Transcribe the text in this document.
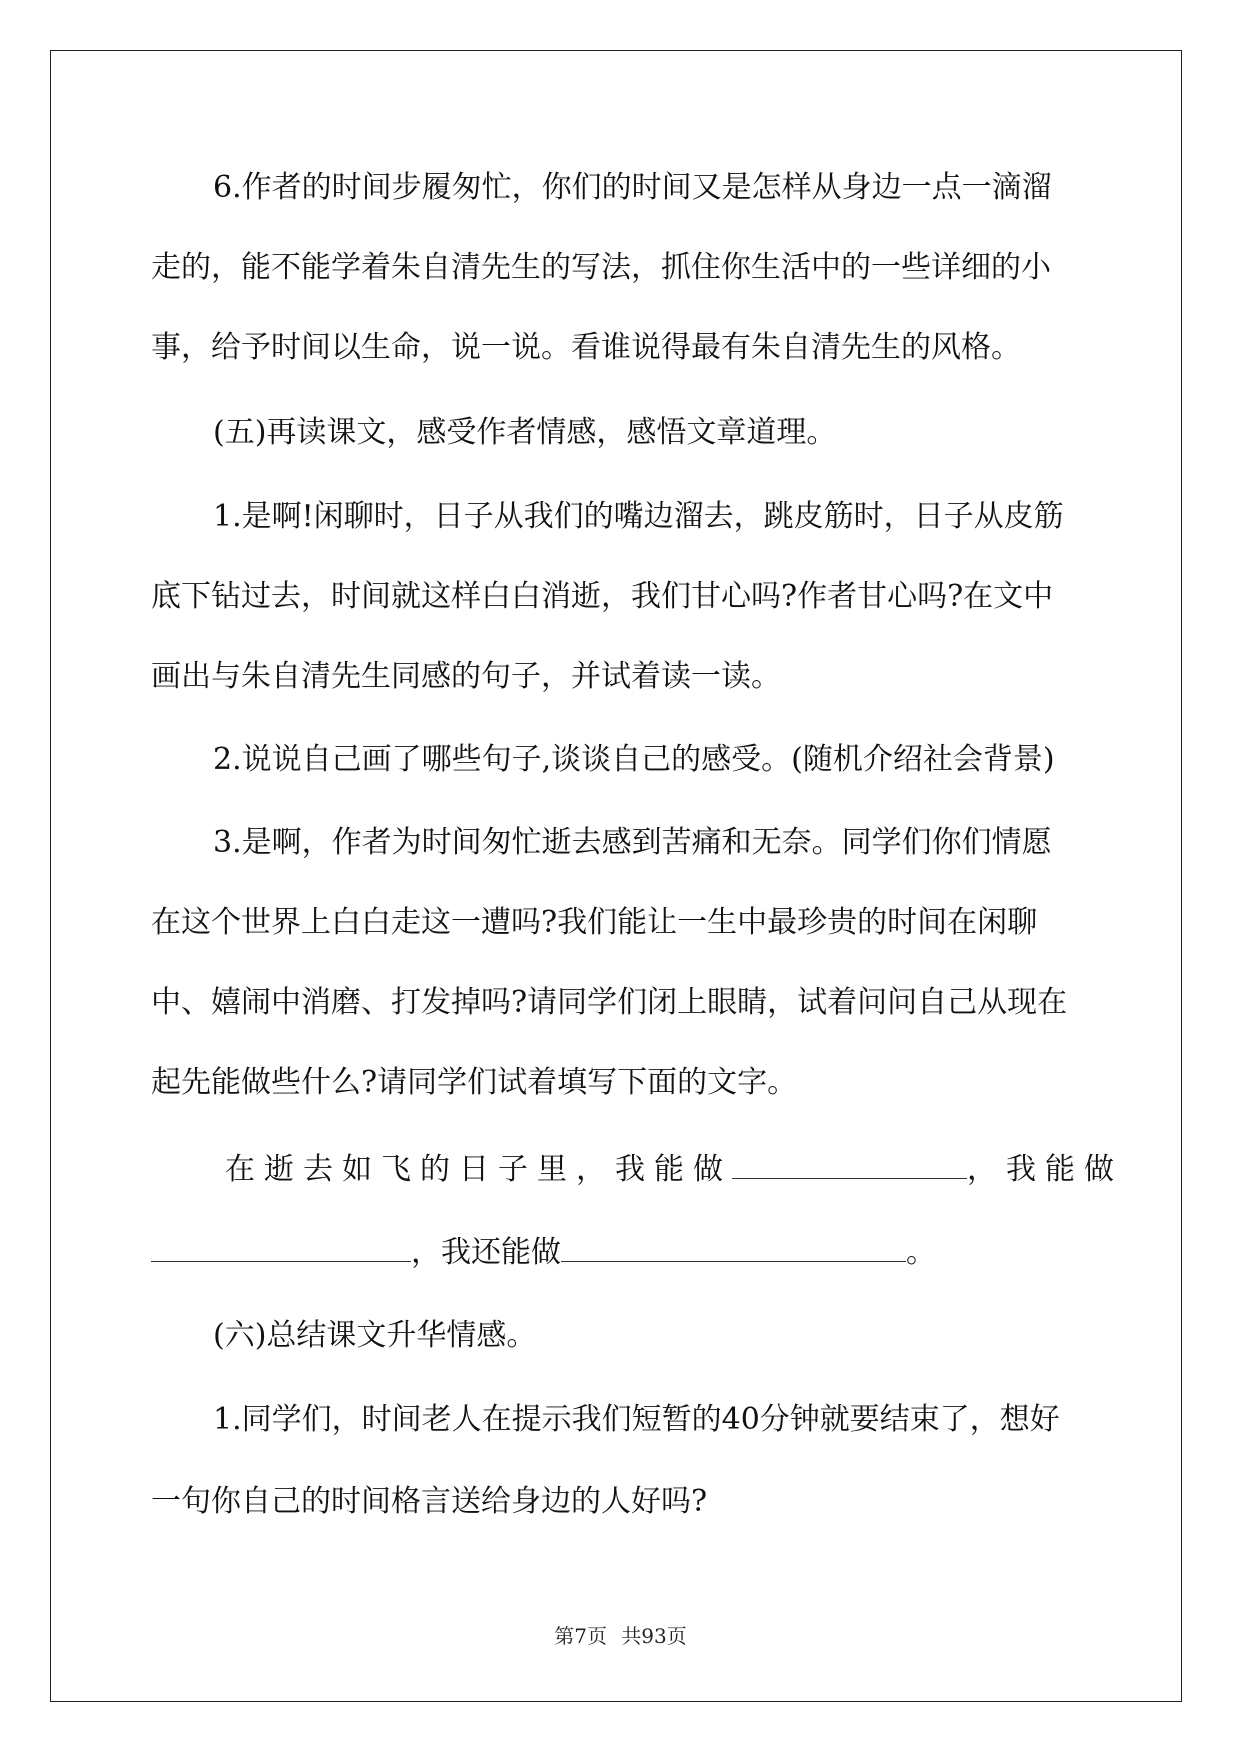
6.作者的时间步履匆忙，你们的时间又是怎样从身边一点一滴溜

走的，能不能学着朱自清先生的写法，抓住你生活中的一些详细的小

事，给予时间以生命，说一说。看谁说得最有朱自清先生的风格。

(五)再读课文，感受作者情感，感悟文章道理。

1.是啊!闲聊时，日子从我们的嘴边溜去，跳皮筋时，日子从皮筋

底下钻过去，时间就这样白白消逝，我们甘心吗?作者甘心吗?在文中

画出与朱自清先生同感的句子，并试着读一读。

2.说说自己画了哪些句子,谈谈自己的感受。(随机介绍社会背景)

3.是啊，作者为时间匆忙逝去感到苦痛和无奈。同学们你们情愿

在这个世界上白白走这一遭吗?我们能让一生中最珍贵的时间在闲聊

中、嬉闹中消磨、打发掉吗?请同学们闭上眼睛，试着问问自己从现在

起先能做些什么?请同学们试着填写下面的文字。

在逝去如飞的日子里，我能做	，我能做

，我还能做	。

(六)总结课文升华情感。

1.同学们，时间老人在提示我们短暂的40分钟就要结束了，想好

一句你自己的时间格言送给身边的人好吗?

第7页 共93页
